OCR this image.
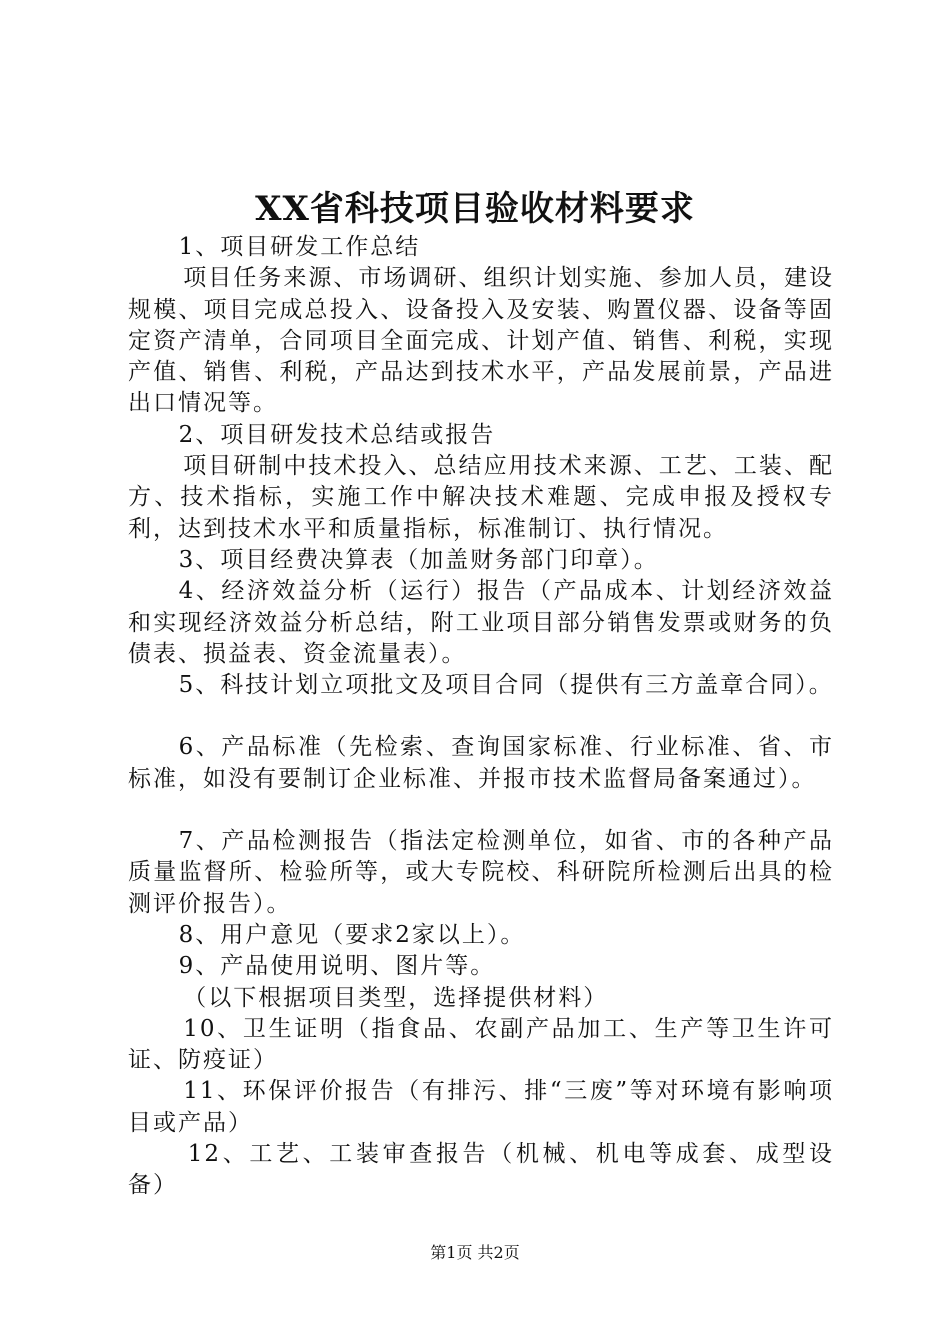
XX省科技项目验收材料要求

1、项目研发工作总结

项目任务来源、市场调研、组织计划实施、参加人员，建设规模、项目完成总投入、设备投入及安装、购置仪器、设备等固定资产清单，合同项目全面完成、计划产值、销售、利税，实现产值、销售、利税，产品达到技术水平，产品发展前景，产品进出口情况等。

2、项目研发技术总结或报告

项目研制中技术投入、总结应用技术来源、工艺、工装、配方、技术指标，实施工作中解决技术难题、完成申报及授权专利，达到技术水平和质量指标，标准制订、执行情况。

3、项目经费决算表（加盖财务部门印章）。

4、经济效益分析（运行）报告（产品成本、计划经济效益和实现经济效益分析总结，附工业项目部分销售发票或财务的负债表、损益表、资金流量表）。

5、科技计划立项批文及项目合同（提供有三方盖章合同）。

6、产品标准（先检索、查询国家标准、行业标准、省、市标准，如没有要制订企业标准、并报市技术监督局备案通过）。

7、产品检测报告（指法定检测单位，如省、市的各种产品质量监督所、检验所等，或大专院校、科研院所检测后出具的检测评价报告）。

8、用户意见（要求2家以上）。

9、产品使用说明、图片等。

（以下根据项目类型，选择提供材料）

10、卫生证明（指食品、农副产品加工、生产等卫生许可证、防疫证）

11、环保评价报告（有排污、排“三废”等对环境有影响项目或产品）

12、工艺、工装审查报告（机械、机电等成套、成型设备）

第1页 共2页
